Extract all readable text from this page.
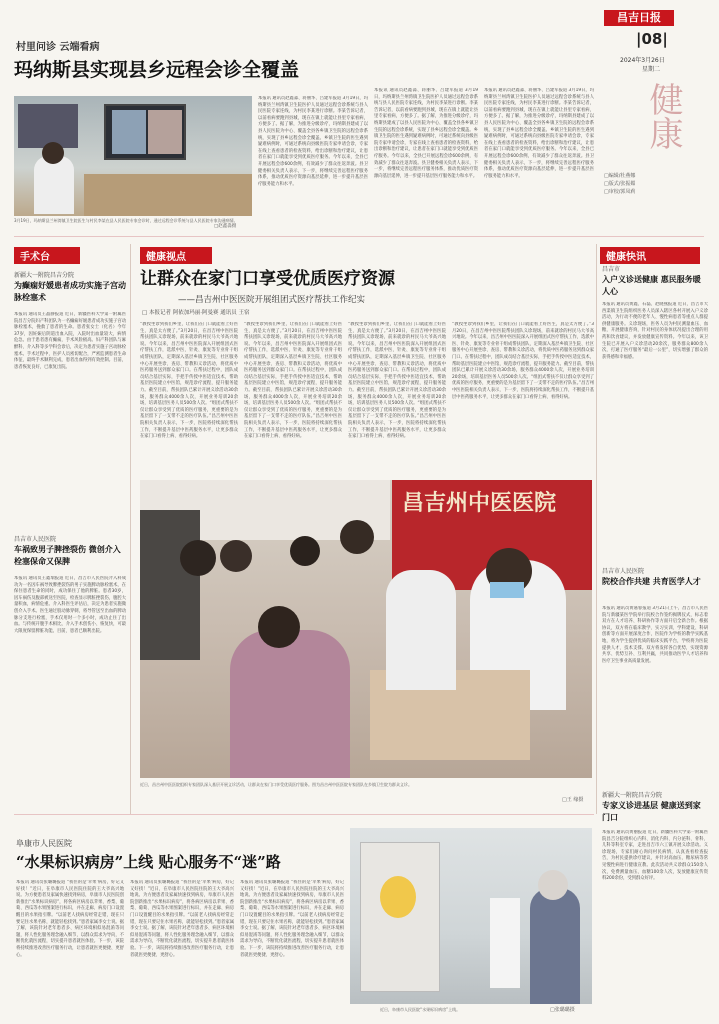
昌吉日报
|08|
2024年3月26日
星期二
健康
□编辑/杜燕娜
□版式/张振媚
□审校/郭凤莉
村里问诊 云端看病
玛纳斯县实现县乡远程会诊全覆盖
3月19日，玛纳斯县兰州湾镇卫生院医生与村民李某在县人民医院专家会诊时，通过远程会诊系统与县人民医院专家沟通病情。
□赵鑫淼摄
本报讯 通讯员赵鑫淼、蒋丽华、吕建军报道 3月19日，玛纳斯县兰州湾镇卫生院医护人员通过远程会诊系统与县人民医院专家连线，为村民李某进行诊断。李某告诉记者，以前看病要跑到县城，现在在镇上就能让县里专家看病，方便多了。据了解，为推进分级诊疗，玛纳斯县建成了以县人民医院为中心、覆盖全县各乡镇卫生院的远程会诊系统，实现了县乡远程会诊全覆盖。乡镇卫生院的医生遇到疑难病例时，可通过系统向县级医院专家申请会诊，专家在线上查看患者的检查资料，给出诊断和治疗建议，让患者在家门口就能享受到优质医疗服务。今年以来，全县已开展远程会诊600余例，有效减少了群众往返奔波。县卫健委相关负责人表示，下一步，将继续完善远程医疗服务体系，推动优质医疗资源向基层延伸，进一步提升基层医疗服务能力和水平。
本报讯 通讯员赵鑫淼、蒋丽华、吕建军报道 3月19日，玛纳斯县兰州湾镇卫生院医护人员通过远程会诊系统与县人民医院专家连线，为村民李某进行诊断。李某告诉记者，以前看病要跑到县城，现在在镇上就能让县里专家看病，方便多了。据了解，为推进分级诊疗，玛纳斯县建成了以县人民医院为中心、覆盖全县各乡镇卫生院的远程会诊系统，实现了县乡远程会诊全覆盖。乡镇卫生院的医生遇到疑难病例时，可通过系统向县级医院专家申请会诊，专家在线上查看患者的检查资料，给出诊断和治疗建议，让患者在家门口就能享受到优质医疗服务。今年以来，全县已开展远程会诊600余例，有效减少了群众往返奔波。县卫健委相关负责人表示，下一步，将继续完善远程医疗服务体系，推动优质医疗资源向基层延伸，进一步提升基层医疗服务能力和水平。
本报讯 通讯员赵鑫淼、蒋丽华、吕建军报道 3月19日，玛纳斯县兰州湾镇卫生院医护人员通过远程会诊系统与县人民医院专家连线，为村民李某进行诊断。李某告诉记者，以前看病要跑到县城，现在在镇上就能让县里专家看病，方便多了。据了解，为推进分级诊疗，玛纳斯县建成了以县人民医院为中心、覆盖全县各乡镇卫生院的远程会诊系统，实现了县乡远程会诊全覆盖。乡镇卫生院的医生遇到疑难病例时，可通过系统向县级医院专家申请会诊，专家在线上查看患者的检查资料，给出诊断和治疗建议，让患者在家门口就能享受到优质医疗服务。今年以来，全县已开展远程会诊600余例，有效减少了群众往返奔波。县卫健委相关负责人表示，下一步，将继续完善远程医疗服务体系，推动优质医疗资源向基层延伸，进一步提升基层医疗服务能力和水平。
手术台
新疆大一附院昌吉分院
为癫痫好媛患者成功实施子宫动脉栓塞术
本报讯 通讯员王晶静报道 近日，新疆医科大学第一附属医院昌吉分院妇产科团队为一名癫痫好媛患者成功实施子宫动脉栓塞术，挽救了患者的生命。患者张女士（化名）今年37岁，因妊娠后阴道出血入院，入院时出血量较大，病情危急。由于患者患有癫痫，手术风险极高。妇产科团队与麻醉科、介入科等多学科会诊后，决定为患者实施子宫动脉栓塞术。手术过程中，医护人员密切配合，严密监测患者生命体征，最终手术顺利完成，患者出血得到有效控制。目前，患者恢复良好，已康复出院。
昌吉市人民医院
车祸致男子脾挫裂伤 微创介入栓塞保命又保脾
本报讯 通讯员王鑫瑞报道 近日，昌吉市人民医院介入科成功为一名因车祸导致脾挫裂伤的男子实施脾动脉栓塞术，在保住患者生命的同时，成功保住了他的脾脏。患者30岁，因车祸伤及腹部被送至医院，检查显示脾脏挫裂伤，腹腔大量积血，病情危重。介入科医生评估后，决定为患者实施微创介入手术。医生通过股动脉穿刺，将导管送至出血的脾动脉分支进行栓塞，手术仅用时一个多小时，成功止住了出血。与传统开腹手术相比，介入手术创伤小、恢复快，可最大限度保留脾脏功能。目前，患者已顺利出院。
健康视点
让群众在家门口享受优质医疗资源
——昌吉州中医医院开展组团式医疗帮扶工作纪实
□ 本报记者 阿依加玛丽·阿曼赛 通讯员 王宿
“教授坐诊到我们乡里，让我们在门口就能看上好医生，真是太方便了。”3月20日，在昌吉州中医医院帮扶团队义诊现场，前来就诊的村民马大爷高兴地说。今年以来，昌吉州中医医院深入开展组团式医疗帮扶工作，选派中医、针灸、康复等专业骨干组成帮扶团队，定期深入基层乡镇卫生院、社区服务中心开展坐诊、查房、带教和义诊活动，将优质中医药服务送到群众家门口。在帮扶过程中，团队成员结合基层实际，手把手传授中医适宜技术，帮助基层医院建立中医馆，规范诊疗流程，提升服务能力。截至目前，帮扶团队已累计开展义诊活动30余场，服务群众4000余人次，开展业务培训20余场，培训基层医务人员500余人次。“组团式帮扶不仅让群众享受到了优质的医疗服务，更重要的是为基层留下了一支带不走的医疗队伍。”昌吉州中医医院相关负责人表示，下一步，医院将持续深化帮扶工作，不断提升基层中医药服务水平，让更多群众在家门口看得上病、看得好病。
“教授坐诊到我们乡里，让我们在门口就能看上好医生，真是太方便了。”3月20日，在昌吉州中医医院帮扶团队义诊现场，前来就诊的村民马大爷高兴地说。今年以来，昌吉州中医医院深入开展组团式医疗帮扶工作，选派中医、针灸、康复等专业骨干组成帮扶团队，定期深入基层乡镇卫生院、社区服务中心开展坐诊、查房、带教和义诊活动，将优质中医药服务送到群众家门口。在帮扶过程中，团队成员结合基层实际，手把手传授中医适宜技术，帮助基层医院建立中医馆，规范诊疗流程，提升服务能力。截至目前，帮扶团队已累计开展义诊活动30余场，服务群众4000余人次，开展业务培训20余场，培训基层医务人员500余人次。“组团式帮扶不仅让群众享受到了优质的医疗服务，更重要的是为基层留下了一支带不走的医疗队伍。”昌吉州中医医院相关负责人表示，下一步，医院将持续深化帮扶工作，不断提升基层中医药服务水平，让更多群众在家门口看得上病、看得好病。
“教授坐诊到我们乡里，让我们在门口就能看上好医生，真是太方便了。”3月20日，在昌吉州中医医院帮扶团队义诊现场，前来就诊的村民马大爷高兴地说。今年以来，昌吉州中医医院深入开展组团式医疗帮扶工作，选派中医、针灸、康复等专业骨干组成帮扶团队，定期深入基层乡镇卫生院、社区服务中心开展坐诊、查房、带教和义诊活动，将优质中医药服务送到群众家门口。在帮扶过程中，团队成员结合基层实际，手把手传授中医适宜技术，帮助基层医院建立中医馆，规范诊疗流程，提升服务能力。截至目前，帮扶团队已累计开展义诊活动30余场，服务群众4000余人次，开展业务培训20余场，培训基层医务人员500余人次。“组团式帮扶不仅让群众享受到了优质的医疗服务，更重要的是为基层留下了一支带不走的医疗队伍。”昌吉州中医医院相关负责人表示，下一步，医院将持续深化帮扶工作，不断提升基层中医药服务水平，让更多群众在家门口看得上病、看得好病。
“教授坐诊到我们乡里，让我们在门口就能看上好医生，真是太方便了。”3月20日，在昌吉州中医医院帮扶团队义诊现场，前来就诊的村民马大爷高兴地说。今年以来，昌吉州中医医院深入开展组团式医疗帮扶工作，选派中医、针灸、康复等专业骨干组成帮扶团队，定期深入基层乡镇卫生院、社区服务中心开展坐诊、查房、带教和义诊活动，将优质中医药服务送到群众家门口。在帮扶过程中，团队成员结合基层实际，手把手传授中医适宜技术，帮助基层医院建立中医馆，规范诊疗流程，提升服务能力。截至目前，帮扶团队已累计开展义诊活动30余场，服务群众4000余人次，开展业务培训20余场，培训基层医务人员500余人次。“组团式帮扶不仅让群众享受到了优质的医疗服务，更重要的是为基层留下了一支带不走的医疗队伍。”昌吉州中医医院相关负责人表示，下一步，医院将持续深化帮扶工作，不断提升基层中医药服务水平，让更多群众在家门口看得上病、看得好病。
昌吉州中医医院
近日，昌吉州中医医院组织专家团队深入基层开展义诊活动，让群众在家门口享受优质医疗服务。图为昌吉州中医医院专家团队在乡镇卫生院为群众义诊。
□王 缘摄
健康快讯
昌吉市
入户义诊送健康 惠民服务暖人心
本报讯 通讯员黄鑫、石磊、赵晓燕报道 近日，昌吉市大西渠镇卫生院组织医务人员深入辖区各村开展入户义诊活动，为行动不便的老年人、慢性病患者等重点人群提供健康服务。义诊现场，医务人员为村民测量血压、血糖，开展健康咨询，针对村民的身体状况提出合理的用药和饮食建议，并发放健康宣传资料。今年以来，该卫生院已开展入户义诊活动20余次，服务群众800余人次，打通了医疗服务“最后一公里”，切实增强了群众的获得感和幸福感。
昌吉市人民医院
院校合作共建 共育医学人才
本报讯 通讯员黄嘉蓉报道 3月21日上午，昌吉市人民医院与新疆某医学院举行院校合作签约揭牌仪式，标志着双方在人才培养、科研协作等方面开启全新合作。根据协议，双方将在临床教学、实习实训、学科建设、科研创新等方面开展深度合作，医院作为学校的教学实践基地，将为学生提供优质的临床实践平台，学校将为医院提供人才、技术支撑。双方将发挥各自优势，实现资源共享、优势互补、互利共赢，共同推动医学人才培养和医疗卫生事业高质量发展。
新疆大一附院昌吉分院
专家义诊进基层 健康送到家门口
本报讯 通讯员黄丽报道 近日，新疆医科大学第一附属医院昌吉分院组织心内科、消化内科、内分泌科、骨科、儿科等科室专家，走进昌吉市六工镇开展义诊活动。义诊现场，专家们耐心询问村民病情，认真查看检查报告，为村民提供诊疗建议，并针对高血压、糖尿病等常见慢性病进行健康宣教。此次活动共义诊群众150余人次，免费测量血压、血糖100余人次，发放健康宣传资料200余份，受到群众好评。
阜康市人民医院
“水果标识病房”上线 贴心服务不“迷”路
本报讯 通讯员张璐璐报道 “我住的是‘苹果’病房，好记又好找！”近日，在阜康市人民医院住院的王大爷高兴地说。为方便患者及家属快速找到病房，阜康市人民医院创新推出“水果标识病房”，将各病区病房以苹果、香梨、葡萄、西瓜等水果图案进行标识，并在走廊、病房门口设置醒目的水果指引牌。“以前老人找病房经常走错，现在只要记住水果名称，就能轻松找到。”患者家属李女士说。据了解，该院针对老年患者多、病区环境相似易混淆等问题，将人性化服务理念融入细节，以群众需求为导向，不断优化就医流程，切实提升患者就医体验。下一步，该院将持续推进改善医疗服务行动，让患者就医更便捷、更舒心。
本报讯 通讯员张璐璐报道 “我住的是‘苹果’病房，好记又好找！”近日，在阜康市人民医院住院的王大爷高兴地说。为方便患者及家属快速找到病房，阜康市人民医院创新推出“水果标识病房”，将各病区病房以苹果、香梨、葡萄、西瓜等水果图案进行标识，并在走廊、病房门口设置醒目的水果指引牌。“以前老人找病房经常走错，现在只要记住水果名称，就能轻松找到。”患者家属李女士说。据了解，该院针对老年患者多、病区环境相似易混淆等问题，将人性化服务理念融入细节，以群众需求为导向，不断优化就医流程，切实提升患者就医体验。下一步，该院将持续推进改善医疗服务行动，让患者就医更便捷、更舒心。
本报讯 通讯员张璐璐报道 “我住的是‘苹果’病房，好记又好找！”近日，在阜康市人民医院住院的王大爷高兴地说。为方便患者及家属快速找到病房，阜康市人民医院创新推出“水果标识病房”，将各病区病房以苹果、香梨、葡萄、西瓜等水果图案进行标识，并在走廊、病房门口设置醒目的水果指引牌。“以前老人找病房经常走错，现在只要记住水果名称，就能轻松找到。”患者家属李女士说。据了解，该院针对老年患者多、病区环境相似易混淆等问题，将人性化服务理念融入细节，以群众需求为导向，不断优化就医流程，切实提升患者就医体验。下一步，该院将持续推进改善医疗服务行动，让患者就医更便捷、更舒心。
近日，阜康市人民医院“水果标识病房”上线。	□张璐璐摄
